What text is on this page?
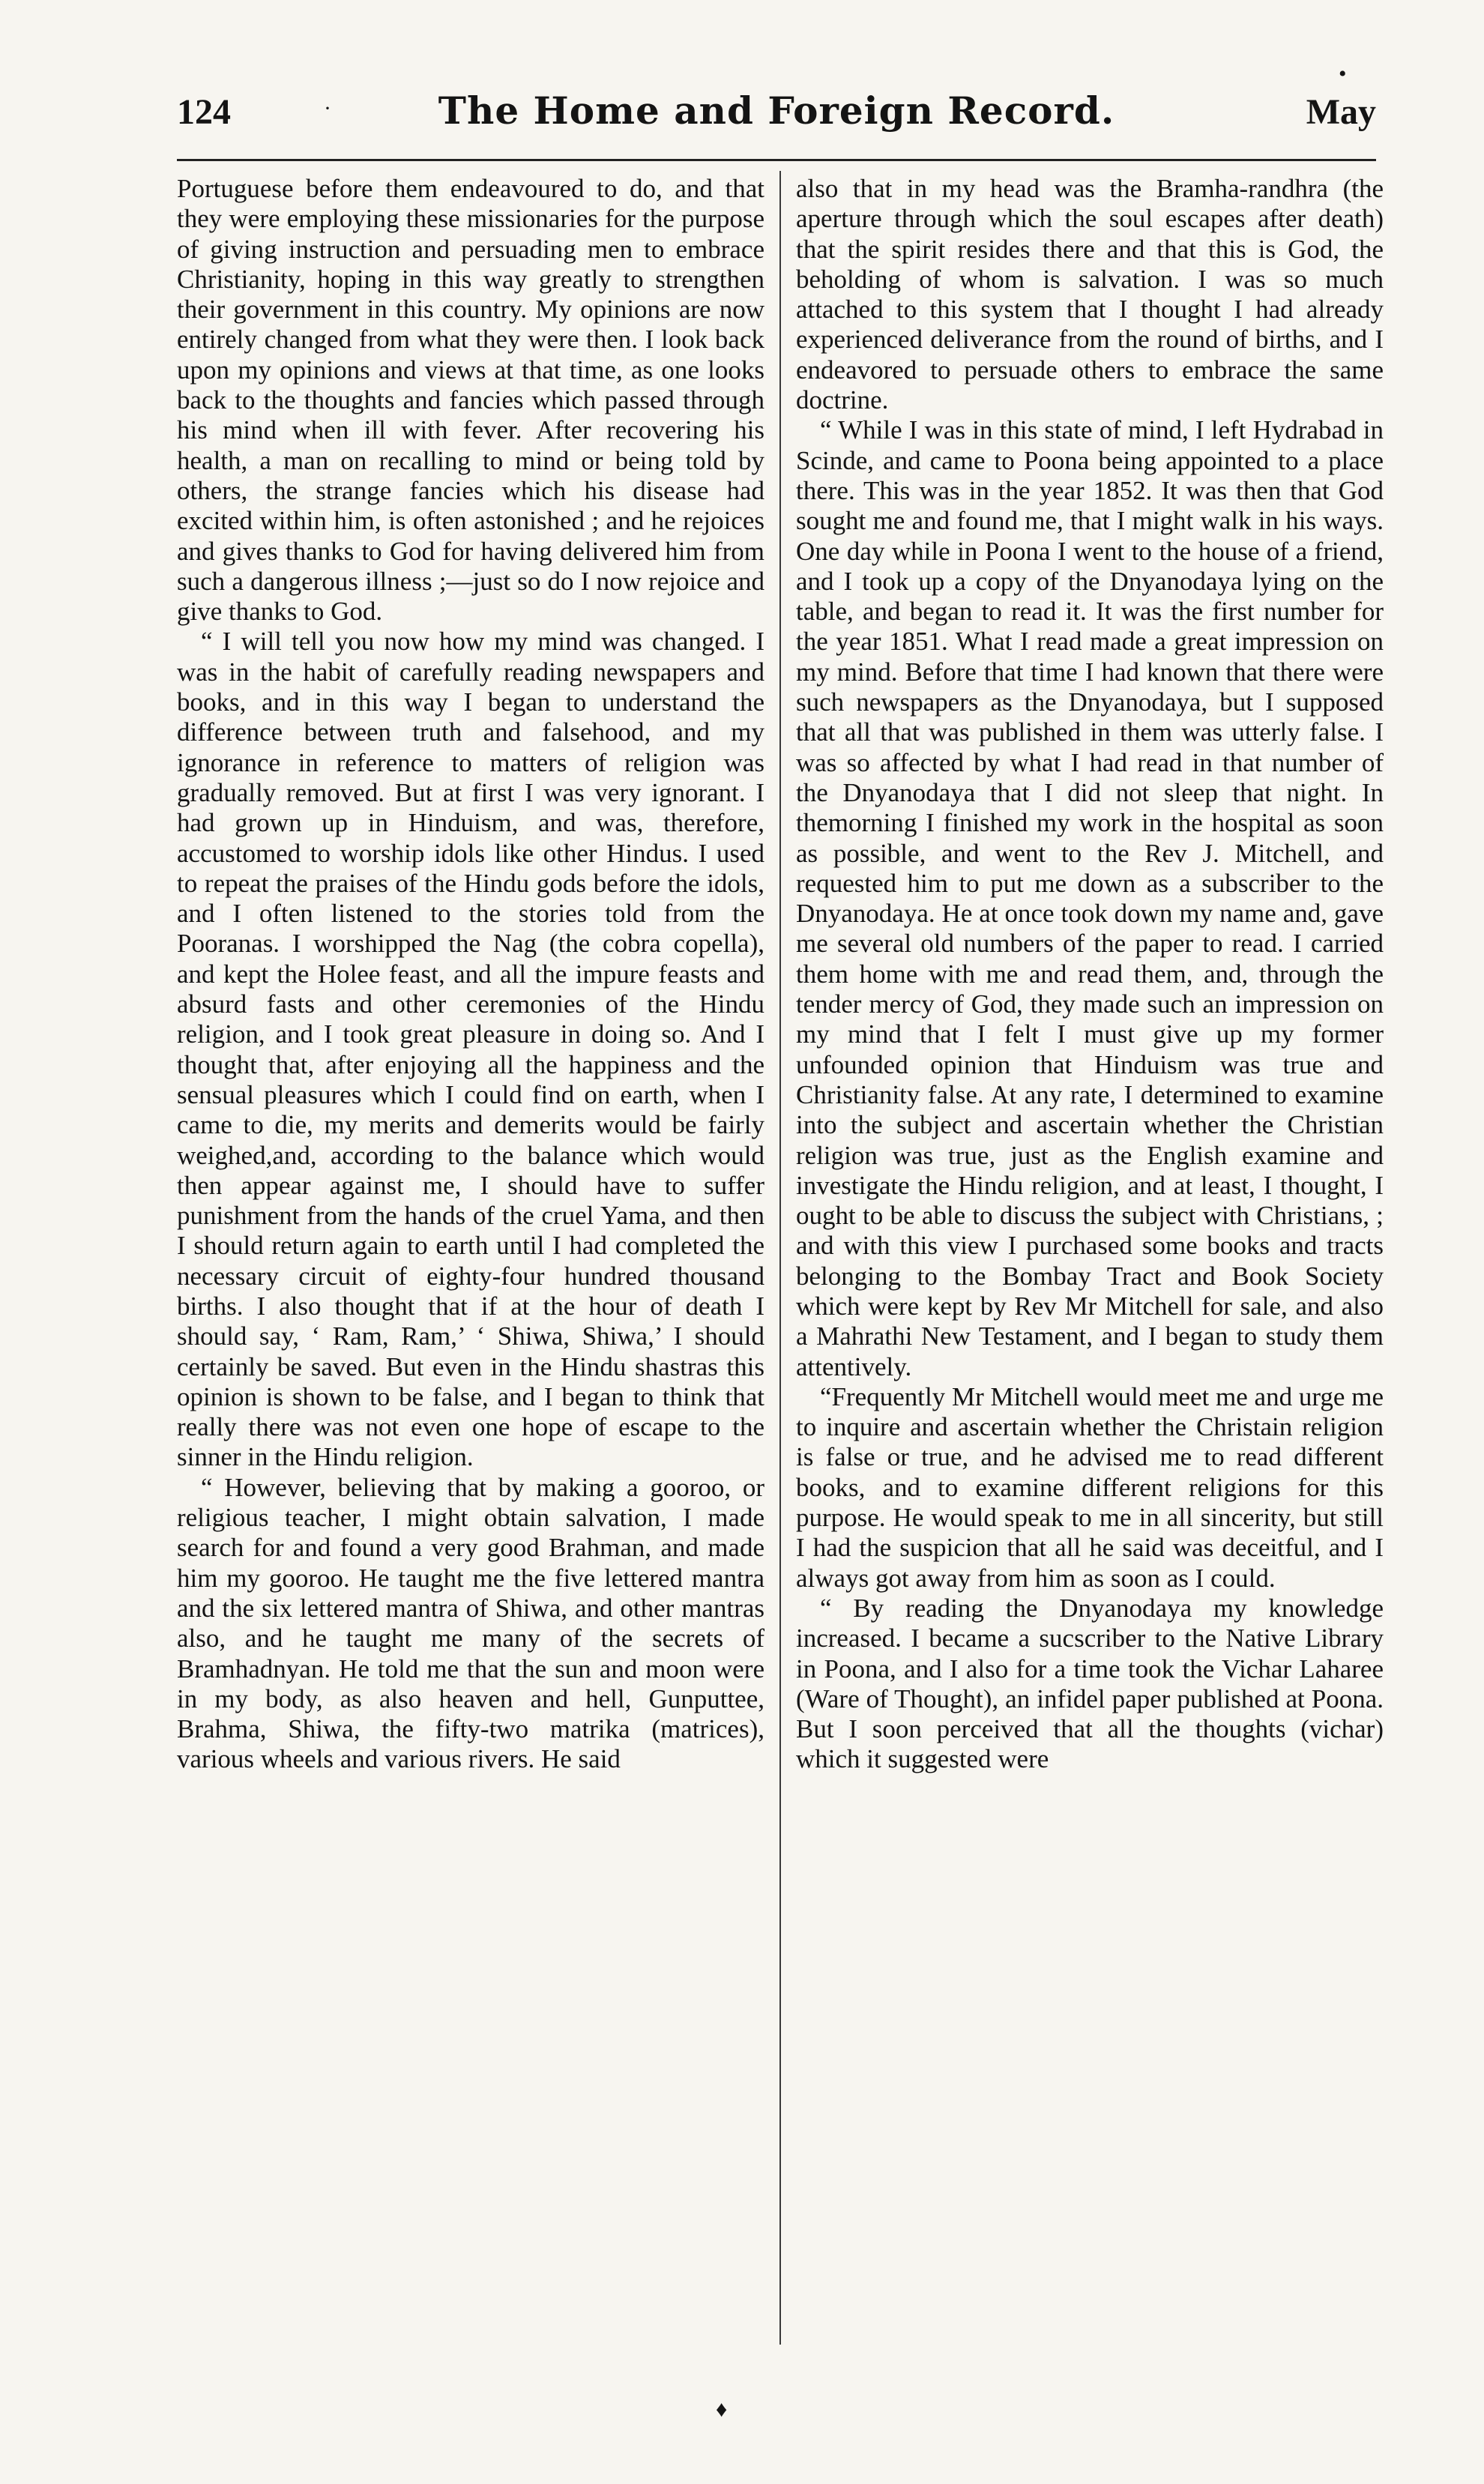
124	The Home and Foreign Record.	May
·
•

Portuguese before them endeavoured to do, and that they were employing these missionaries for the purpose of giving instruction and persuading men to embrace Christianity, hoping in this way greatly to strengthen their government in this country. My opinions are now entirely changed from what they were then. I look back upon my opinions and views at that time, as one looks back to the thoughts and fancies which passed through his mind when ill with fever. After recovering his health, a man on recalling to mind or being told by others, the strange fancies which his disease had excited within him, is often astonished ; and he rejoices and gives thanks to God for having delivered him from such a dangerous illness ;—just so do I now rejoice and give thanks to God.

“ I will tell you now how my mind was changed. I was in the habit of carefully reading newspapers and books, and in this way I began to understand the difference between truth and falsehood, and my ignorance in reference to matters of religion was gradually removed. But at first I was very ignorant. I had grown up in Hinduism, and was, therefore, accustomed to worship idols like other Hindus. I used to repeat the praises of the Hindu gods before the idols, and I often listened to the stories told from the Pooranas. I worshipped the Nag (the cobra copella), and kept the Holee feast, and all the impure feasts and absurd fasts and other ceremonies of the Hindu religion, and I took great pleasure in doing so. And I thought that, after enjoying all the happiness and the sensual pleasures which I could find on earth, when I came to die, my merits and demerits would be fairly weighed,and, according to the balance which would then appear against me, I should have to suffer punishment from the hands of the cruel Yama, and then I should return again to earth until I had completed the necessary circuit of eighty-four hundred thousand births. I also thought that if at the hour of death I should say, ‘ Ram, Ram,’ ‘ Shiwa, Shiwa,’ I should certainly be saved. But even in the Hindu shastras this opinion is shown to be false, and I began to think that really there was not even one hope of escape to the sinner in the Hindu religion.

“ However, believing that by making a gooroo, or religious teacher, I might obtain salvation, I made search for and found a very good Brahman, and made him my gooroo. He taught me the five lettered mantra and the six lettered mantra of Shiwa, and other mantras also, and he taught me many of the secrets of Bramhadnyan. He told me that the sun and moon were in my body, as also heaven and hell, Gunputtee, Brahma, Shiwa, the fifty-two matrika (matrices), various wheels and various rivers. He said

also that in my head was the Bramha-randhra (the aperture through which the soul escapes after death) that the spirit resides there and that this is God, the beholding of whom is salvation. I was so much attached to this system that I thought I had already experienced deliverance from the round of births, and I endeavored to persuade others to embrace the same doctrine.

“ While I was in this state of mind, I left Hydrabad in Scinde, and came to Poona being appointed to a place there. This was in the year 1852. It was then that God sought me and found me, that I might walk in his ways. One day while in Poona I went to the house of a friend, and I took up a copy of the Dnyanodaya lying on the table, and began to read it. It was the first number for the year 1851. What I read made a great impression on my mind. Before that time I had known that there were such newspapers as the Dnyanodaya, but I supposed that all that was published in them was utterly false. I was so affected by what I had read in that number of the Dnyanodaya that I did not sleep that night. In themorning I finished my work in the hospital as soon as possible, and went to the Rev J. Mitchell, and requested him to put me down as a subscriber to the Dnyanodaya. He at once took down my name and, gave me several old numbers of the paper to read. I carried them home with me and read them, and, through the tender mercy of God, they made such an impression on my mind that I felt I must give up my former unfounded opinion that Hinduism was true and Christianity false. At any rate, I determined to examine into the subject and ascertain whether the Christian religion was true, just as the English examine and investigate the Hindu religion, and at least, I thought, I ought to be able to discuss the subject with Christians, ; and with this view I purchased some books and tracts belonging to the Bombay Tract and Book Society which were kept by Rev Mr Mitchell for sale, and also a Mahrathi New Testament, and I began to study them attentively.

“Frequently Mr Mitchell would meet me and urge me to inquire and ascertain whether the Christain religion is false or true, and he advised me to read different books, and to examine different religions for this purpose. He would speak to me in all sincerity, but still I had the suspicion that all he said was deceitful, and I always got away from him as soon as I could.

“ By reading the Dnyanodaya my knowledge increased. I became a sucscriber to the Native Library in Poona, and I also for a time took the Vichar Laharee (Ware of Thought), an infidel paper published at Poona. But I soon perceived that all the thoughts (vichar) which it suggested were

♦
